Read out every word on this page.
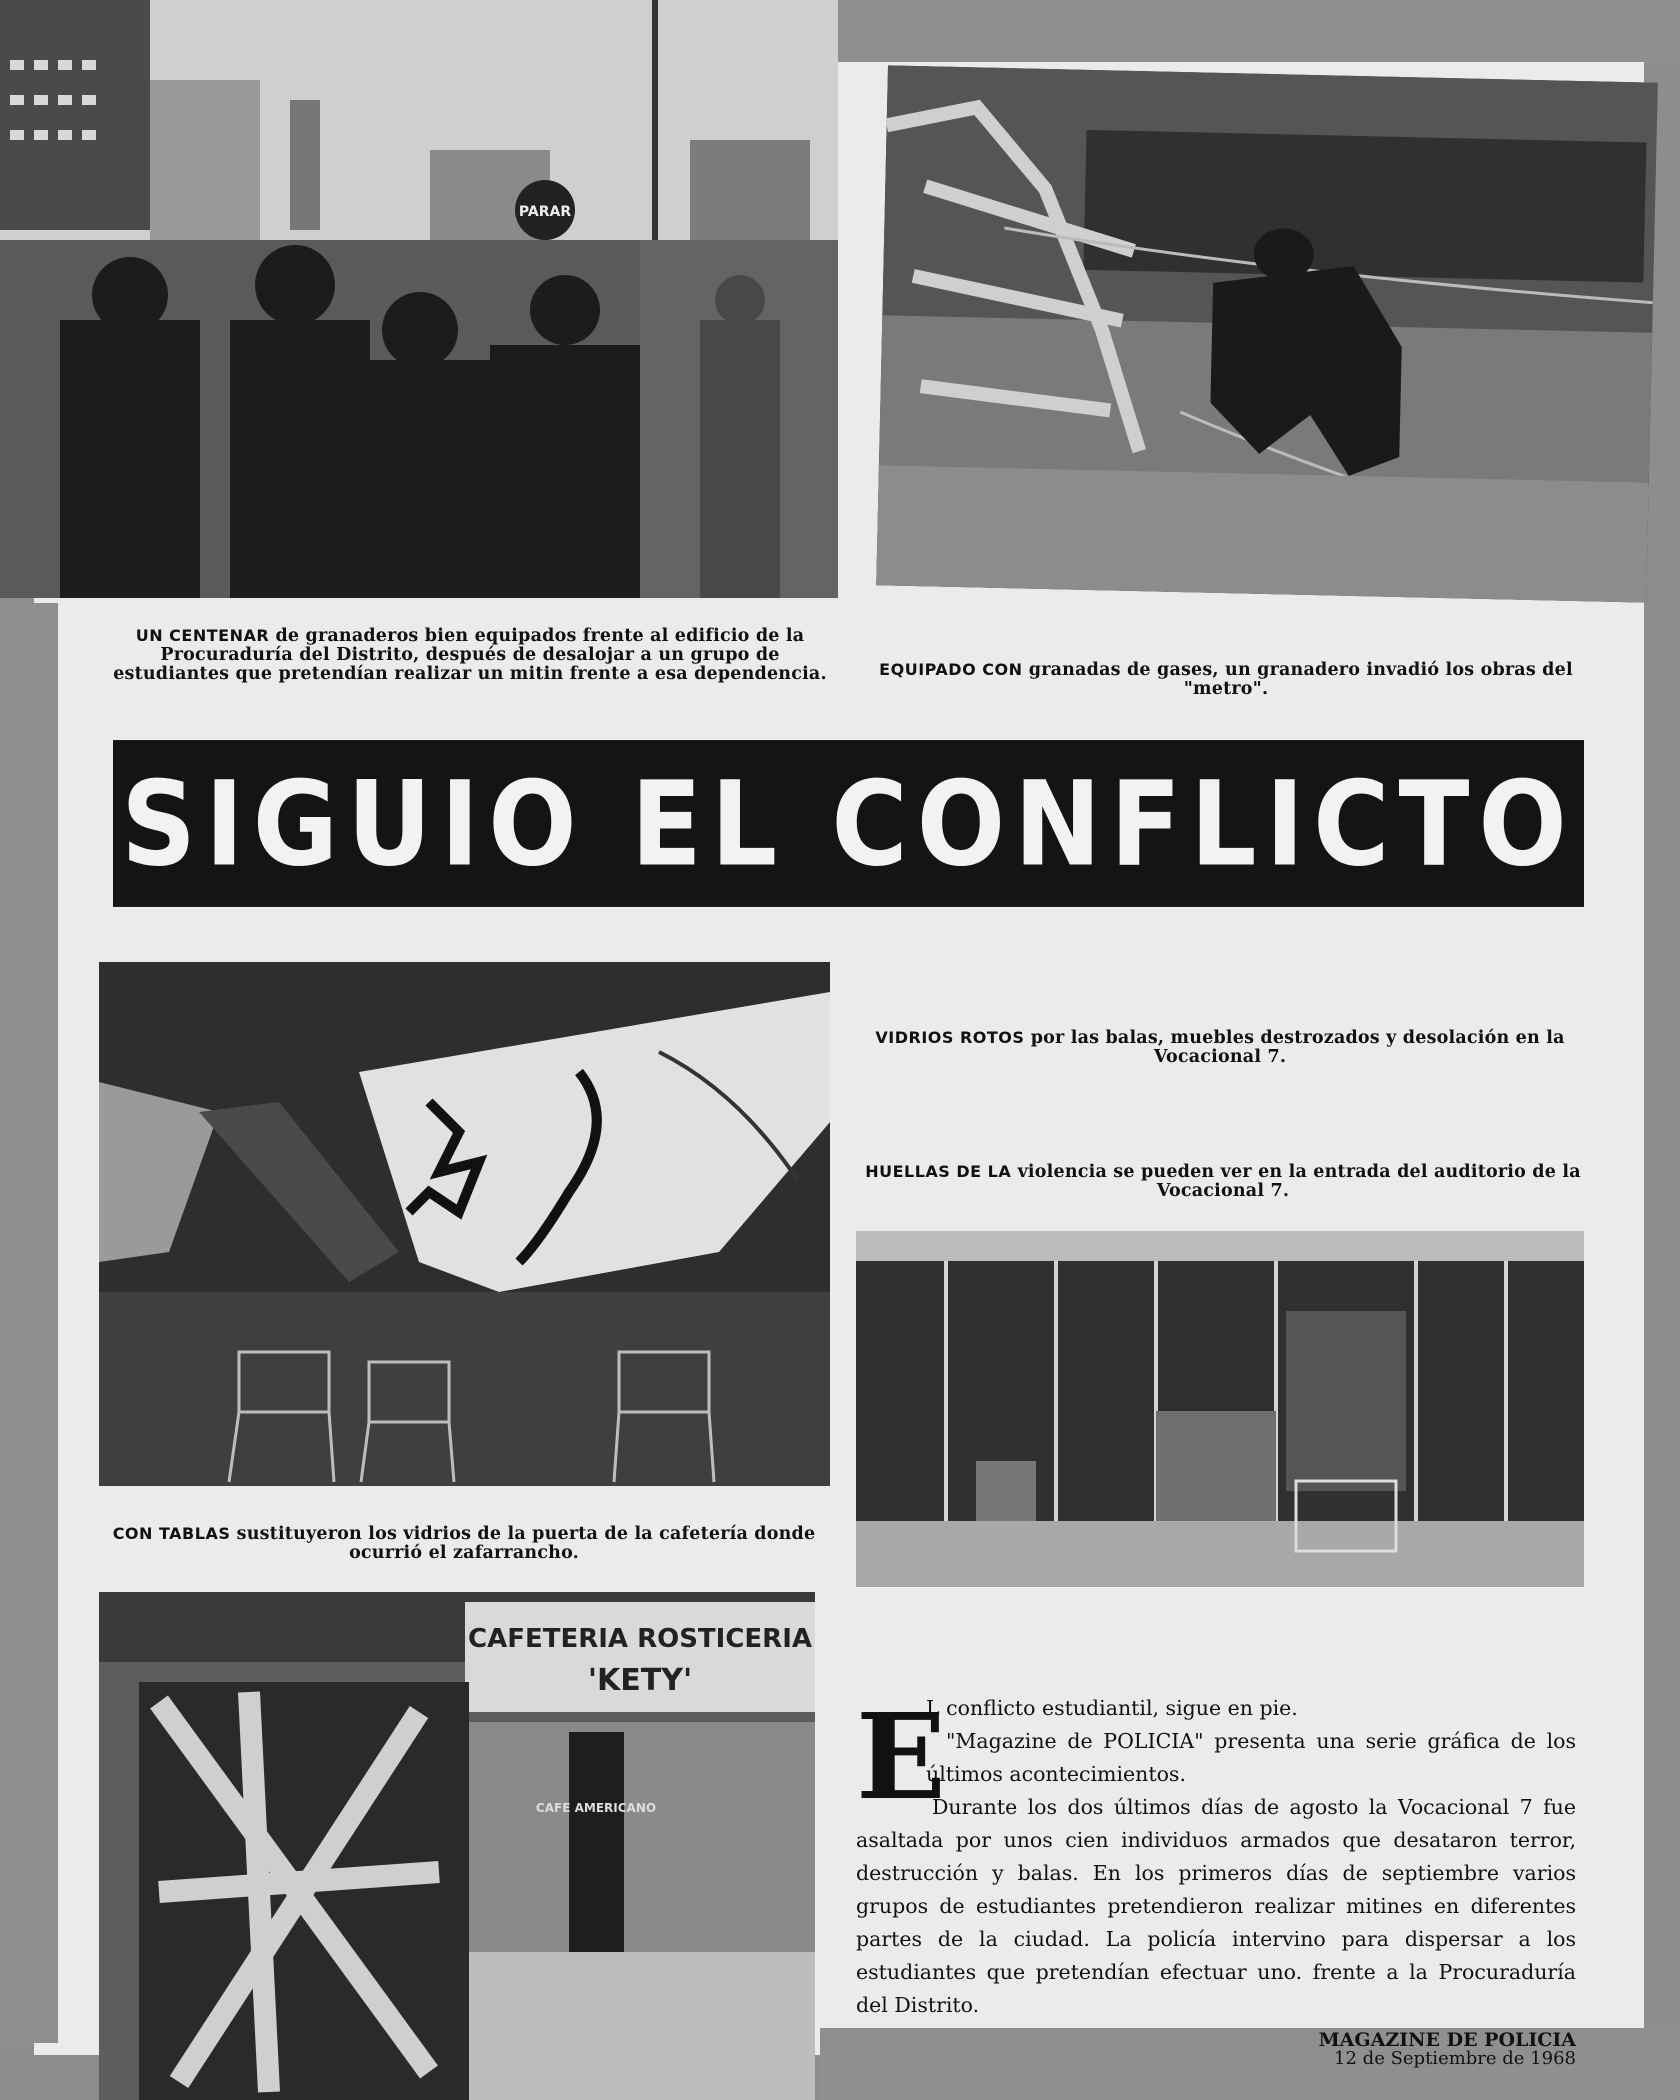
PARAR
UN CENTENAR de granaderos bien equipados frente al edificio de la Procuraduría del Distrito, después de desalojar a un grupo de estudiantes que pretendían realizar un mitin frente a esa dependencia.	EQUIPADO CON granadas de gases, un granadero invadió los obras del "metro".
SIGUIO EL CONFLICTO
VIDRIOS ROTOS por las balas, muebles destrozados y desolación en la Vocacional 7.
HUELLAS DE LA violencia se pueden ver en la entrada del auditorio de la Vocacional 7.
CON TABLAS sustituyeron los vidrios de la puerta de la cafetería donde ocurrió el zafarrancho.
CAFETERIA ROSTICERIA
'KETY'
CAFE AMERICANO E

L conflicto estudiantil, sigue en pie.

"Magazine de POLICIA" presenta una serie gráfica de los últimos acontecimientos.

Durante los dos últimos días de agosto la Vocacional 7 fue asaltada por unos cien individuos armados que desataron terror, destrucción y balas. En los primeros días de septiembre varios grupos de estudiantes pretendieron realizar mitines en diferentes partes de la ciudad. La policía intervino para dispersar a los estudiantes que pretendían efectuar uno. frente a la Procuraduría del Distrito.

MAGAZINE DE POLICIA
12 de Septiembre de 1968
